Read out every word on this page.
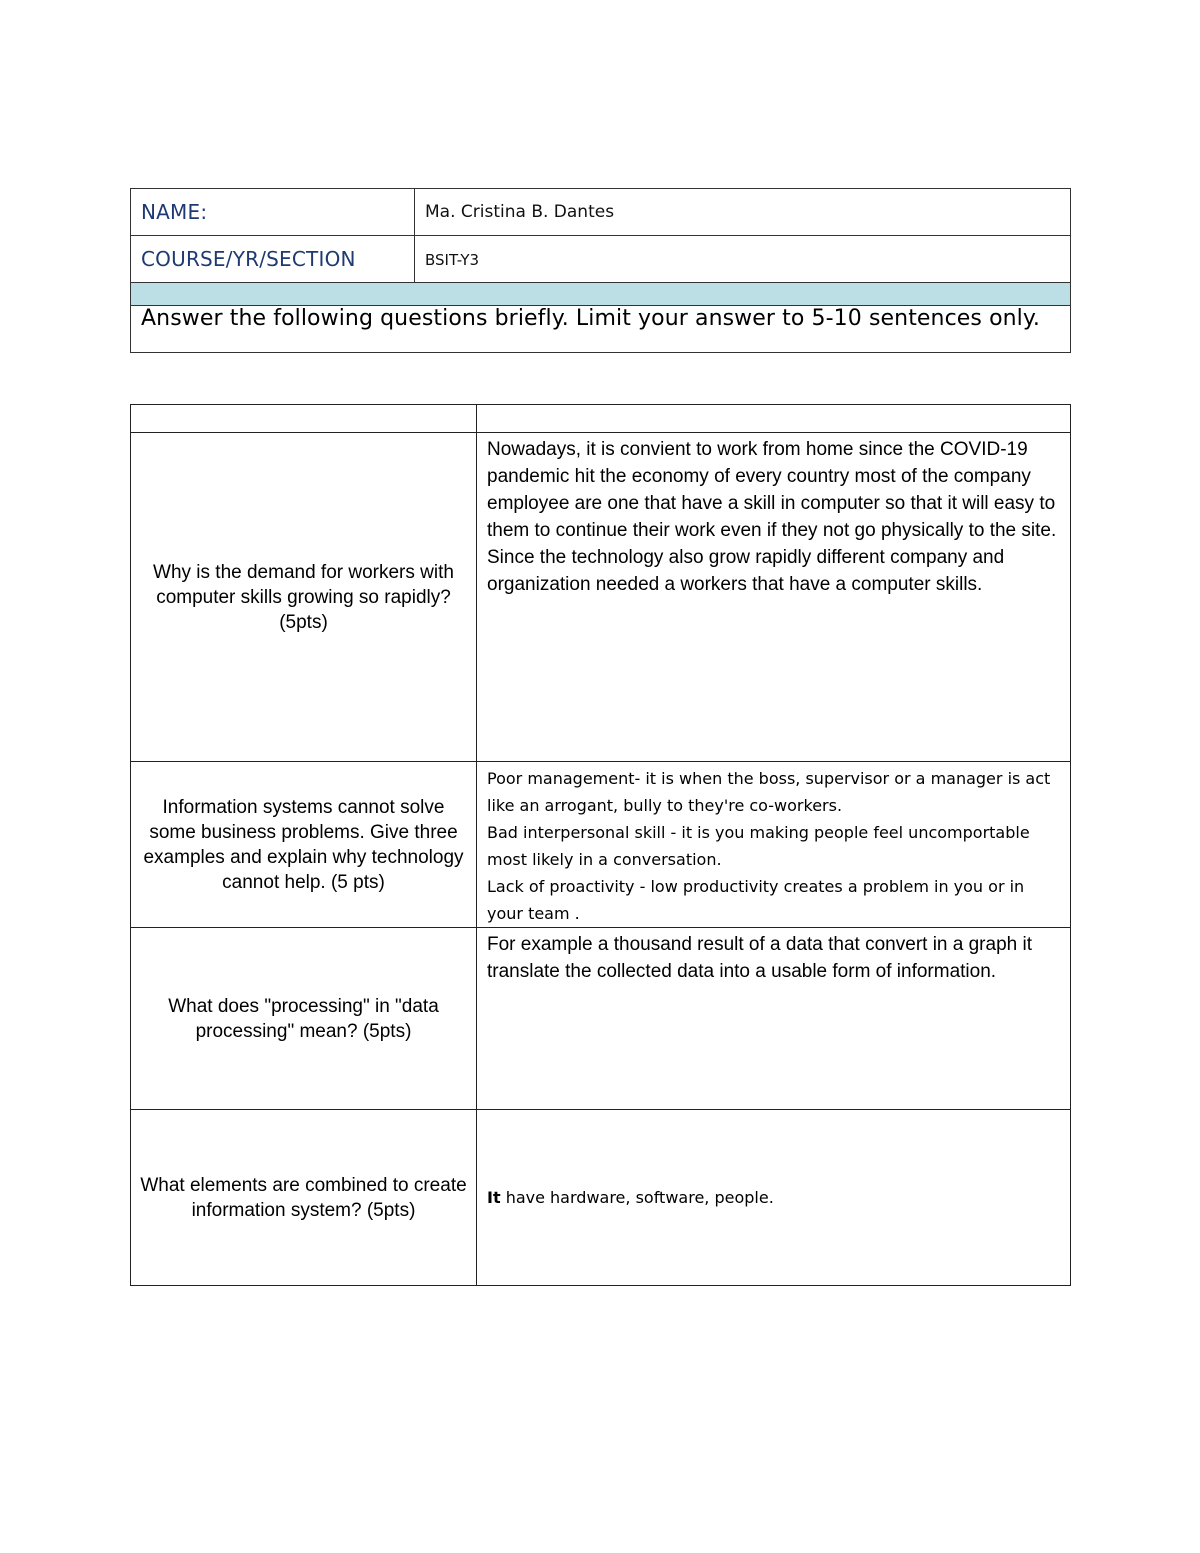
NAME:	Ma. Cristina B. Dantes
COURSE/YR/SECTION	BSIT-Y3

Answer the following questions briefly. Limit your answer to 5-10 sentences only.	

Why is the demand for workers with computer skills growing so rapidly? (5pts)	Nowadays, it is convient to work from home since the COVID-19 pandemic hit the economy of every country most of the company employee are one that have a skill in computer so that it will easy to them to continue their work even if they not go physically to the site. Since the technology also grow rapidly different company and organization needed a workers that have a computer skills.

Information systems cannot solve some business problems. Give three examples and explain why technology cannot help. (5 pts)	Poor management- it is when the boss, supervisor or a manager is act like an arrogant, bully to they're co-workers.

Bad interpersonal skill - it is you making people feel uncomportable most likely in a conversation.

Lack of proactivity - low productivity creates a problem in you or in your team .

What does "processing" in "data processing" mean? (5pts)	For example a thousand result of a data that convert in a graph it translate the collected data into a usable form of information.

What elements are combined to create information system? (5pts)	It have hardware, software, people.
